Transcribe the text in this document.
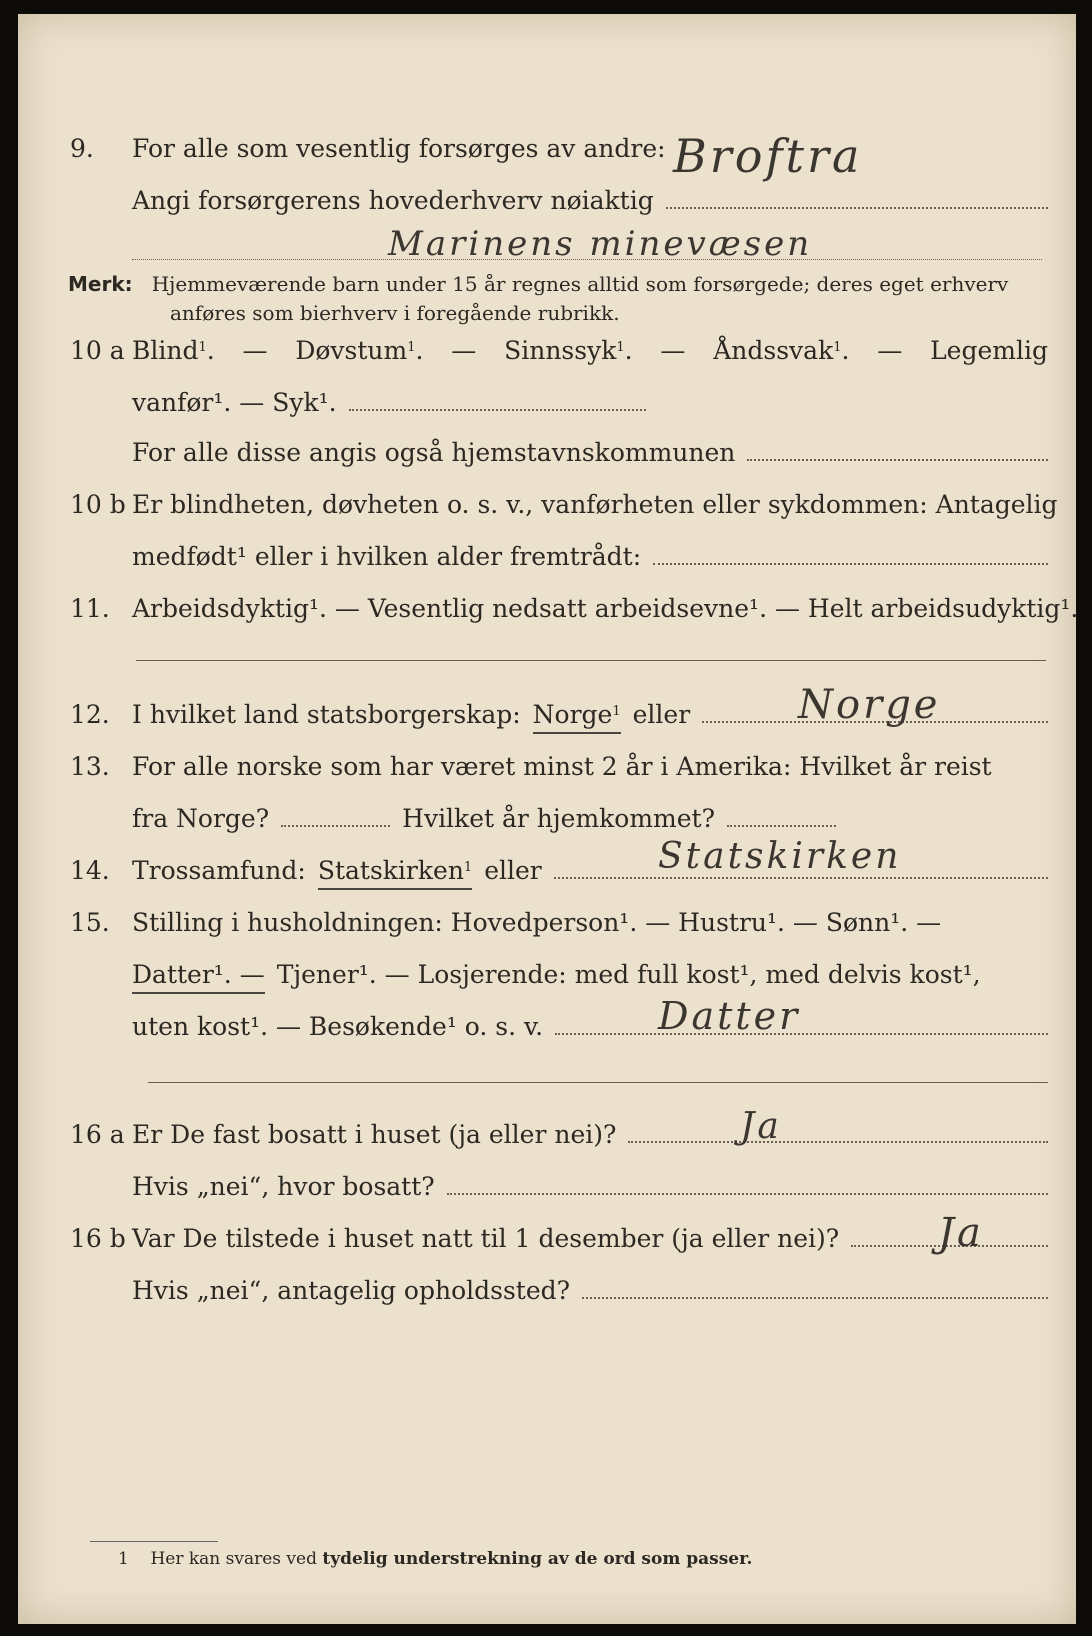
9.	For alle som vesentlig forsørges av andre: Broftra
Angi forsørgerens hovederhverv nøiaktig
Marinens minevæsen
Merk: Hjemmeværende barn under 15 år regnes alltid som forsørgede; deres eget erhverv
anføres som bierhverv i foregående rubrikk.
10 a Blind$^1$. — Døvstum$^1$. — Sinnssyk$^1$. — Åndssvak$^1$. — Legemlig
vanfør¹. — Syk¹.
For alle disse angis også hjemstavnskommunen
10 b Er blindheten, døvheten o. s. v., vanførheten eller sykdommen: Antagelig
medfødt¹ eller i hvilken alder fremtrådt:
11. Arbeidsdyktig¹. — Vesentlig nedsatt arbeidsevne¹. — Helt arbeidsudyktig¹.
12. I hvilket land statsborgerskap: Norge$^1$ eller	Norge
13. For alle norske som har været minst 2 år i Amerika: Hvilket år reist
fra Norge?	Hvilket år hjemkommet?
14. Trossamfund: Statskirken$^1$ eller	Statskirken
15. Stilling i husholdningen: Hovedperson¹. — Hustru¹. — Sønn¹. —
Datter¹. — Tjener¹. — Losjerende: med full kost¹, med delvis kost¹,
uten kost¹. — Besøkende¹ o. s. v.	Datter
16 a Er De fast bosatt i huset (ja eller nei)?	Ja
Hvis „nei“, hvor bosatt?
16 b Var De tilstede i huset natt til 1 desember (ja eller nei)? Ja
Hvis „nei“, antagelig opholdssted?
1 Her kan svares ved tydelig understrekning av de ord som passer.
